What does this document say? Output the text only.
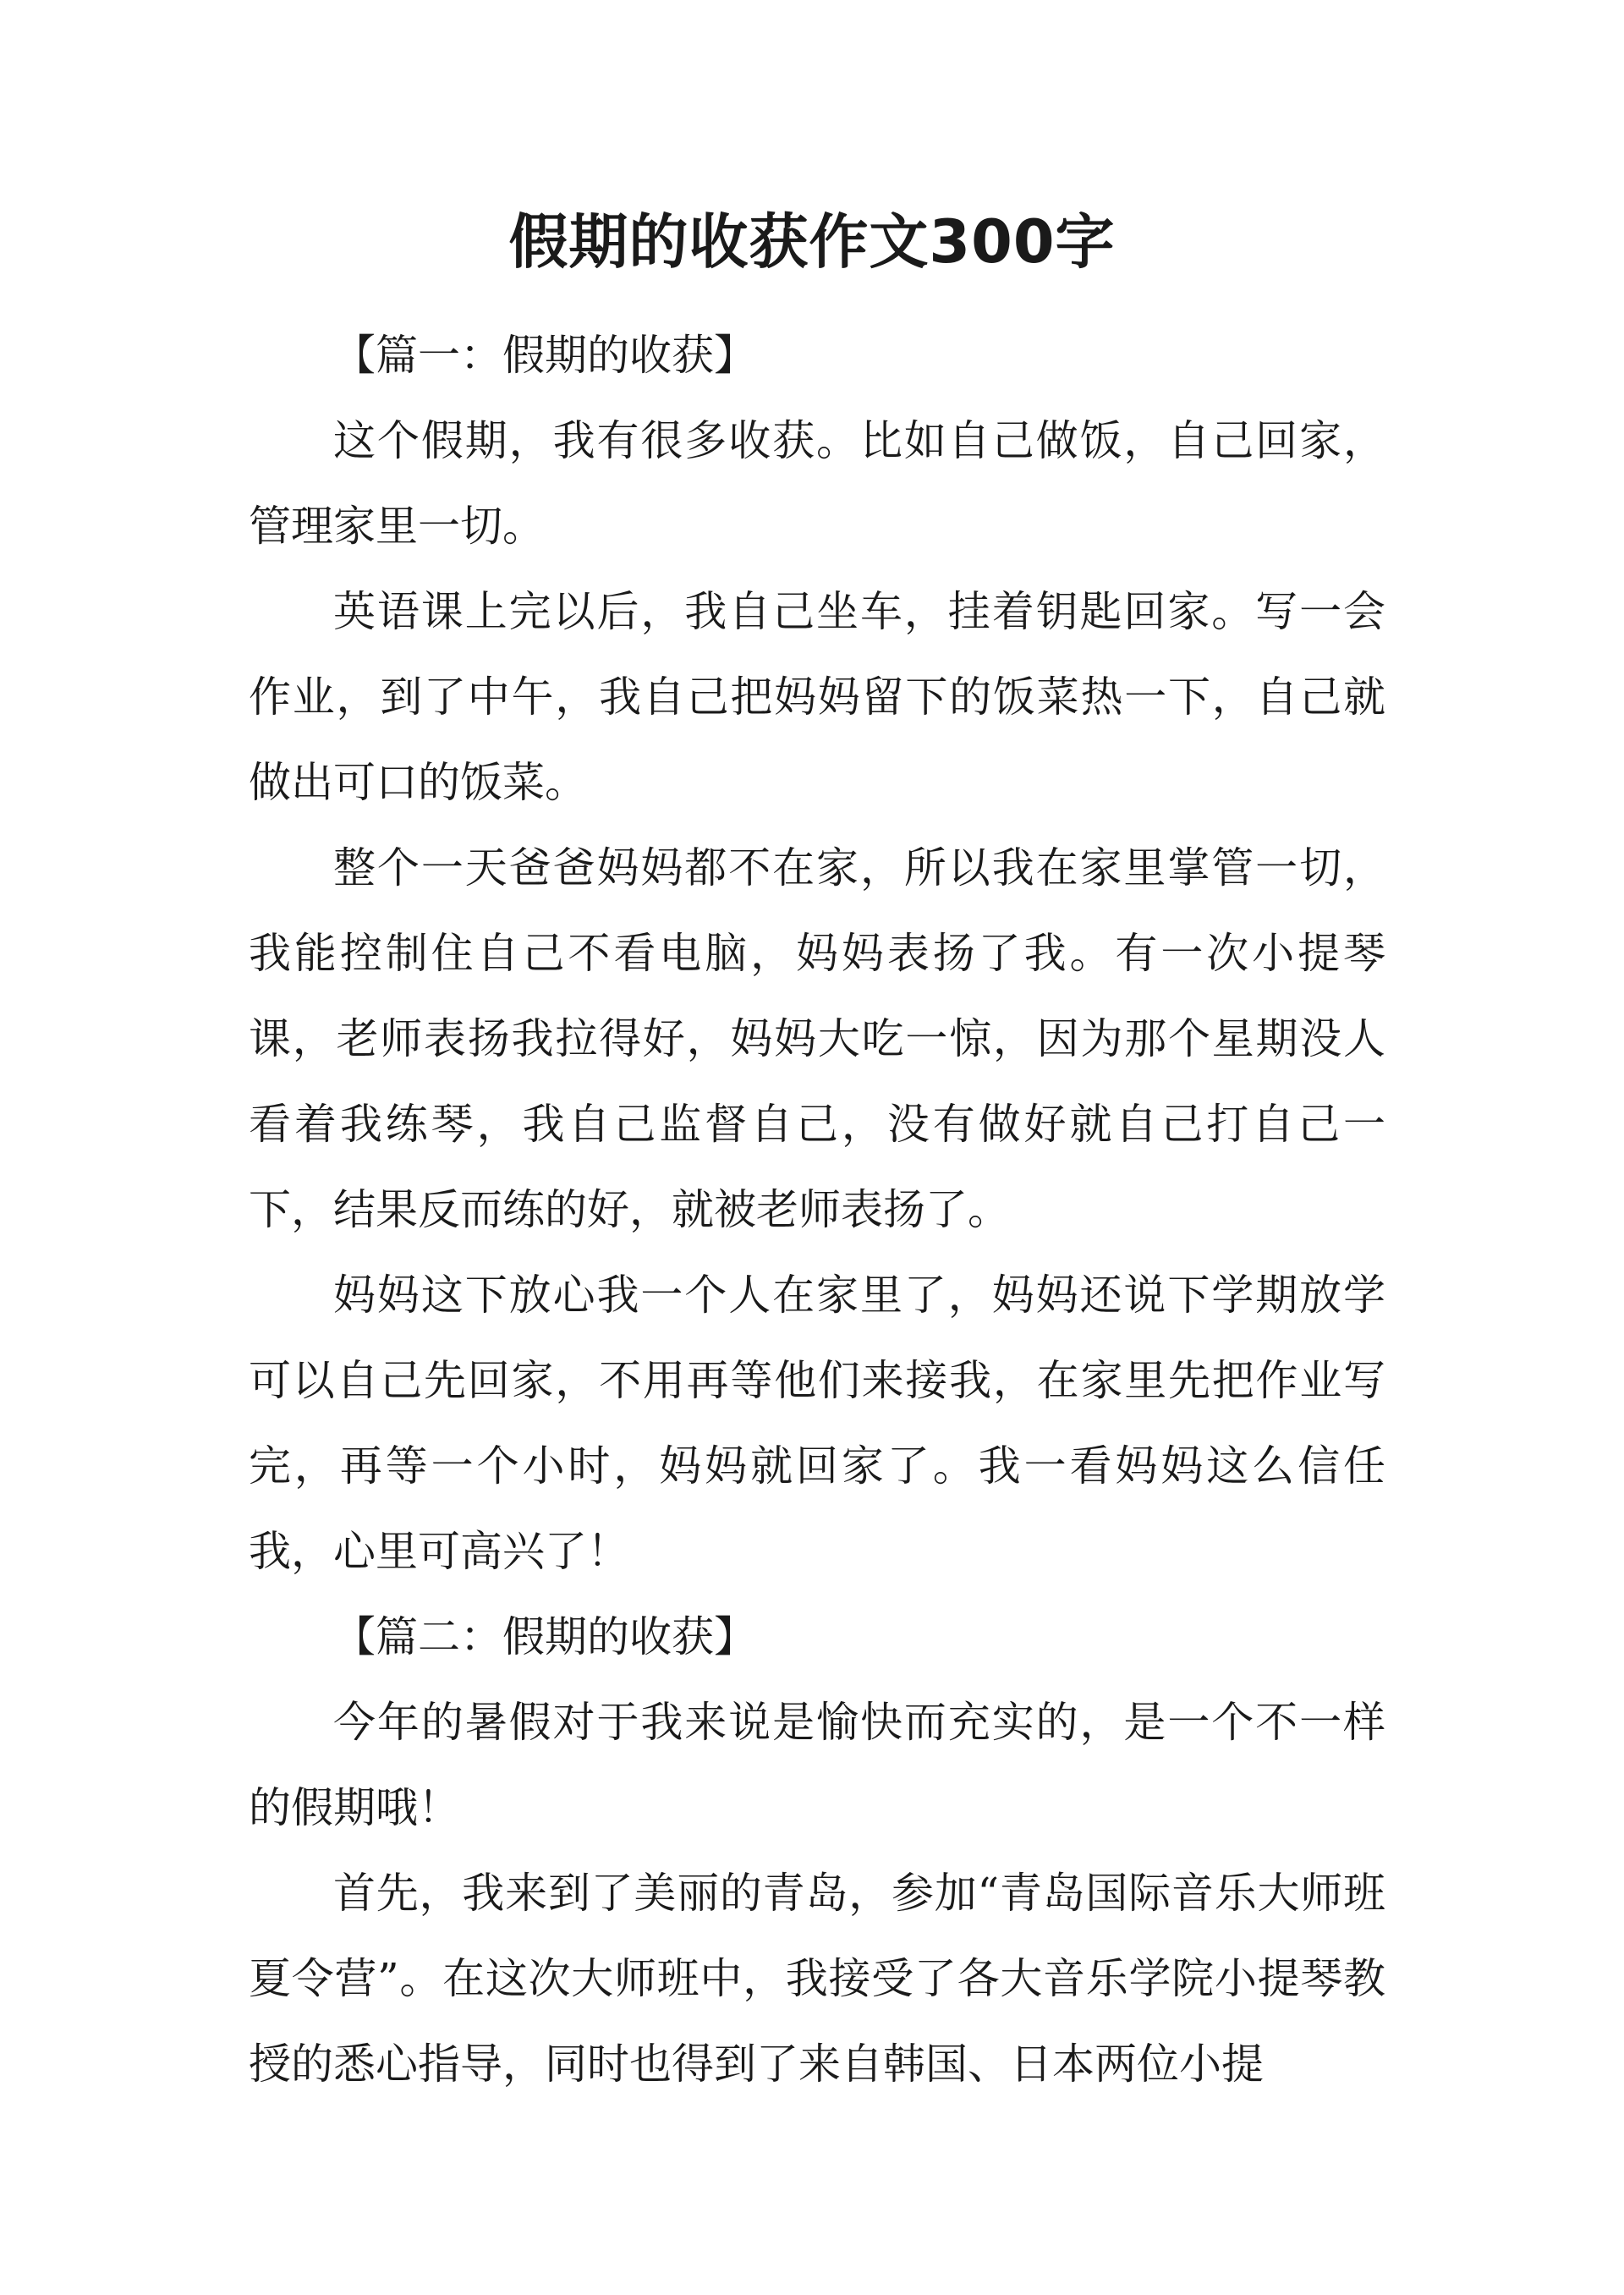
假期的收获作文300字

【篇一：假期的收获】

这个假期，我有很多收获。比如自己做饭，自己回家，管理家里一切。

英语课上完以后，我自己坐车，挂着钥匙回家。写一会作业，到了中午，我自己把妈妈留下的饭菜热一下，自己就做出可口的饭菜。

整个一天爸爸妈妈都不在家，所以我在家里掌管一切，我能控制住自己不看电脑，妈妈表扬了我。有一次小提琴课，老师表扬我拉得好，妈妈大吃一惊，因为那个星期没人看着我练琴，我自己监督自己，没有做好就自己打自己一下，结果反而练的好，就被老师表扬了。

妈妈这下放心我一个人在家里了，妈妈还说下学期放学可以自己先回家，不用再等他们来接我，在家里先把作业写完，再等一个小时，妈妈就回家了。我一看妈妈这么信任我，心里可高兴了！

【篇二：假期的收获】

今年的暑假对于我来说是愉快而充实的，是一个不一样的假期哦！

首先，我来到了美丽的青岛，参加“青岛国际音乐大师班夏令营”。在这次大师班中，我接受了各大音乐学院小提琴教授的悉心指导，同时也得到了来自韩国、日本两位小提
